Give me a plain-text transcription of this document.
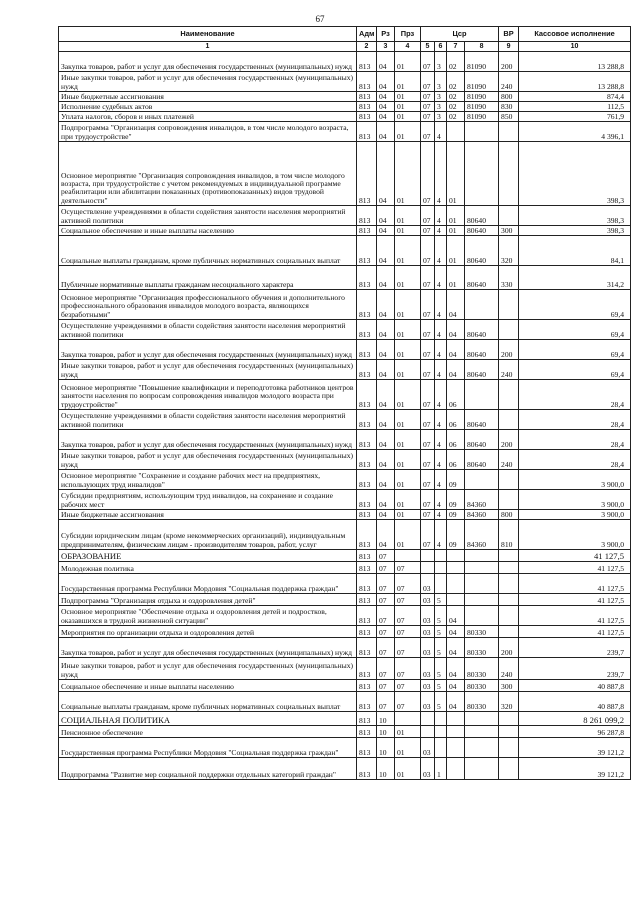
67
Наименование	Адм	Рз	Прз	Цср				ВР	Кассовое исполнение
1	2	3	4	5	6	7	8	9	10
Закупка товаров, работ и услуг для обеспечения государственных (муниципальных) нужд	813	04	01	07	3	02	81090	200	13 288,8
Иные закупки товаров, работ и услуг для обеспечения государственных (муниципальных) нужд	813	04	01	07	3	02	81090	240	13 288,8
Иные бюджетные ассигнования	813	04	01	07	3	02	81090	800	874,4
Исполнение судебных актов	813	04	01	07	3	02	81090	830	112,5
Уплата налогов, сборов и иных платежей	813	04	01	07	3	02	81090	850	761,9
Подпрограмма "Организация сопровождения инвалидов, в том числе молодого возраста, при трудоустройстве"	813	04	01	07	4				4 396,1
Основное мероприятие "Организация сопровождения инвалидов, в том числе молодого возраста, при трудоустройстве с учетом рекомендуемых в индивидуальной программе реабилитации или абилитации показанных (противопоказанных) видов трудовой деятельности"	813	04	01	07	4	01			398,3
Осуществление учреждениями в области содействия занятости населения мероприятий активной политики	813	04	01	07	4	01	80640		398,3
Социальное обеспечение и иные выплаты населению	813	04	01	07	4	01	80640	300	398,3
Социальные выплаты гражданам, кроме публичных нормативных социальных выплат	813	04	01	07	4	01	80640	320	84,1
Публичные нормативные выплаты гражданам несоциального характера	813	04	01	07	4	01	80640	330	314,2
Основное мероприятие "Организация профессионального обучения и дополнительного профессионального образования инвалидов молодого возраста, являющихся безработными"	813	04	01	07	4	04			69,4
Осуществление учреждениями в области содействия занятости населения мероприятий активной политики	813	04	01	07	4	04	80640		69,4
Закупка товаров, работ и услуг для обеспечения государственных (муниципальных) нужд	813	04	01	07	4	04	80640	200	69,4
Иные закупки товаров, работ и услуг для обеспечения государственных (муниципальных) нужд	813	04	01	07	4	04	80640	240	69,4
Основное мероприятие "Повышение квалификации и переподготовка работников центров занятости населения по вопросам сопровождения инвалидов молодого возраста при трудоустройстве"	813	04	01	07	4	06			28,4
Осуществление учреждениями в области содействия занятости населения мероприятий активной политики	813	04	01	07	4	06	80640		28,4
Закупка товаров, работ и услуг для обеспечения государственных (муниципальных) нужд	813	04	01	07	4	06	80640	200	28,4
Иные закупки товаров, работ и услуг для обеспечения государственных (муниципальных) нужд	813	04	01	07	4	06	80640	240	28,4
Основное мероприятие "Сохранение и создание рабочих мест на предприятиях, использующих труд инвалидов"	813	04	01	07	4	09			3 900,0
Субсидии предприятиям, использующим труд инвалидов, на сохранение и создание рабочих мест	813	04	01	07	4	09	84360		3 900,0
Иные бюджетные ассигнования	813	04	01	07	4	09	84360	800	3 900,0
Субсидии юридическим лицам (кроме некоммерческих организаций), индивидуальным предпринимателям, физическим лицам - производителям товаров, работ, услуг	813	04	01	07	4	09	84360	810	3 900,0
ОБРАЗОВАНИЕ	813	07							41 127,5
Молодежная политика	813	07	07						41 127,5
Государственная программа Республики Мордовия "Социальная поддержка граждан"	813	07	07	03					41 127,5
Подпрограмма "Организация отдыха и оздоровления детей"	813	07	07	03	5				41 127,5
Основное мероприятие "Обеспечение отдыха и оздоровления детей и подростков, оказавшихся в трудной жизненной ситуации"	813	07	07	03	5	04			41 127,5
Мероприятия по организации отдыха и оздоровления детей	813	07	07	03	5	04	80330		41 127,5
Закупка товаров, работ и услуг для обеспечения государственных (муниципальных) нужд	813	07	07	03	5	04	80330	200	239,7
Иные закупки товаров, работ и услуг для обеспечения государственных (муниципальных) нужд	813	07	07	03	5	04	80330	240	239,7
Социальное обеспечение и иные выплаты населению	813	07	07	03	5	04	80330	300	40 887,8
Социальные выплаты гражданам, кроме публичных нормативных социальных выплат	813	07	07	03	5	04	80330	320	40 887,8
СОЦИАЛЬНАЯ ПОЛИТИКА	813	10							8 261 099,2
Пенсионное обеспечение	813	10	01						96 287,8
Государственная программа Республики Мордовия "Социальная поддержка граждан"	813	10	01	03					39 121,2
Подпрограмма "Развитие мер социальной поддержки отдельных категорий граждан"	813	10	01	03	1				39 121,2
